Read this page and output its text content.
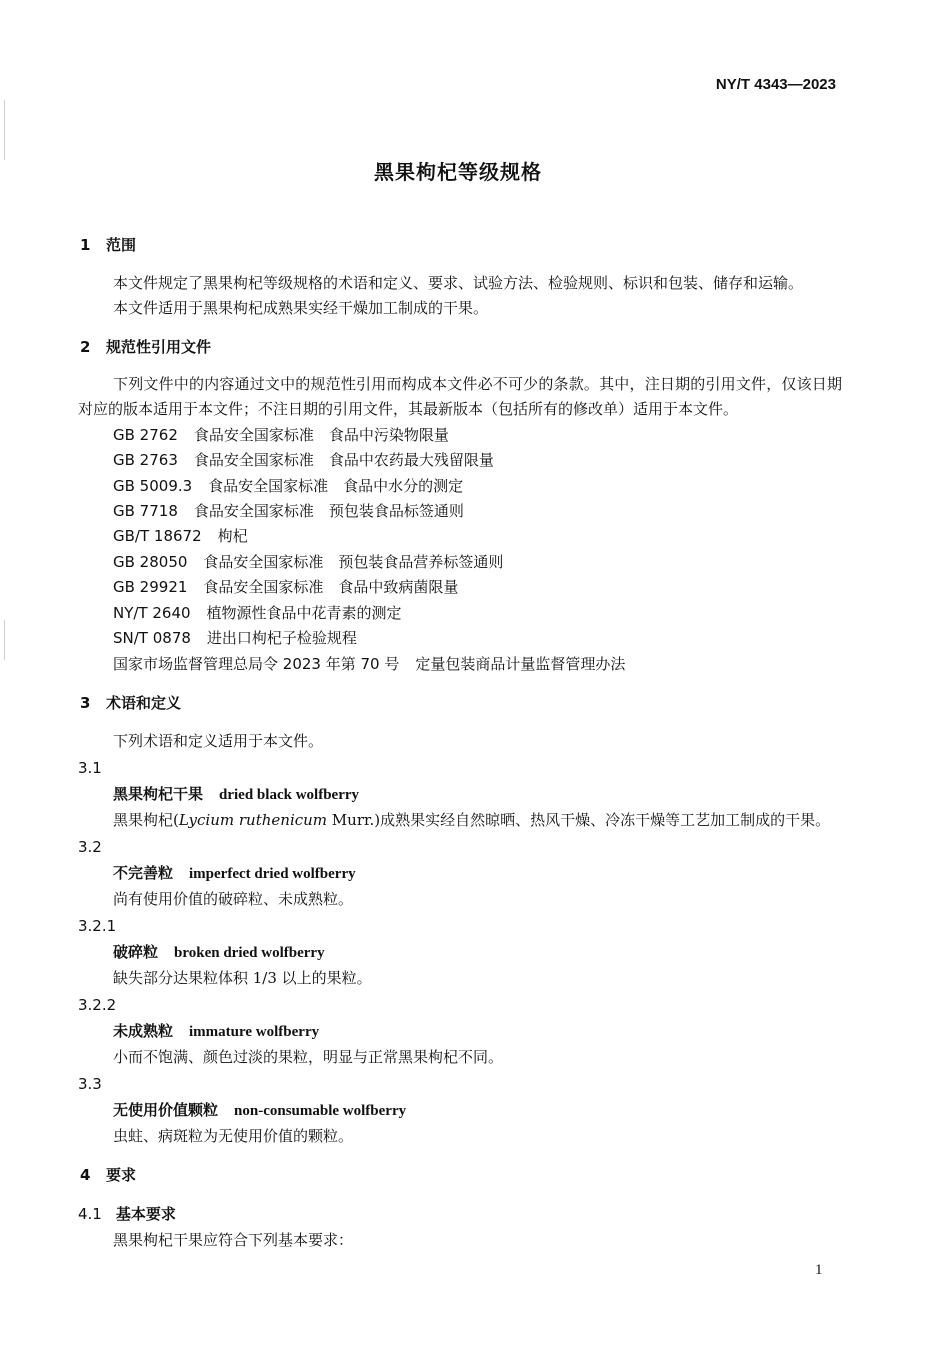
NY/T 4343—2023
黑果枸杞等级规格
1 范围
本文件规定了黑果枸杞等级规格的术语和定义、要求、试验方法、检验规则、标识和包装、储存和运输。
本文件适用于黑果枸杞成熟果实经干燥加工制成的干果。
2 规范性引用文件
下列文件中的内容通过文中的规范性引用而构成本文件必不可少的条款。其中，注日期的引用文件，仅该日期对应的版本适用于本文件；不注日期的引用文件，其最新版本（包括所有的修改单）适用于本文件。
GB 2762 食品安全国家标准　食品中污染物限量
GB 2763 食品安全国家标准　食品中农药最大残留限量
GB 5009.3 食品安全国家标准　食品中水分的测定
GB 7718 食品安全国家标准　预包装食品标签通则
GB/T 18672 枸杞
GB 28050 食品安全国家标准　预包装食品营养标签通则
GB 29921 食品安全国家标准　食品中致病菌限量
NY/T 2640 植物源性食品中花青素的测定
SN/T 0878 进出口枸杞子检验规程
国家市场监督管理总局令 2023 年第 70 号 定量包装商品计量监督管理办法
3 术语和定义
下列术语和定义适用于本文件。
3.1
黑果枸杞干果 dried black wolfberry
黑果枸杞(Lycium ruthenicum Murr.)成熟果实经自然晾晒、热风干燥、冷冻干燥等工艺加工制成的干果。
3.2
不完善粒 imperfect dried wolfberry
尚有使用价值的破碎粒、未成熟粒。
3.2.1
破碎粒 broken dried wolfberry
缺失部分达果粒体积 1/3 以上的果粒。
3.2.2
未成熟粒 immature wolfberry
小而不饱满、颜色过淡的果粒，明显与正常黑果枸杞不同。
3.3
无使用价值颗粒 non-consumable wolfberry
虫蛀、病斑粒为无使用价值的颗粒。
4 要求
4.1 基本要求
黑果枸杞干果应符合下列基本要求：
1
